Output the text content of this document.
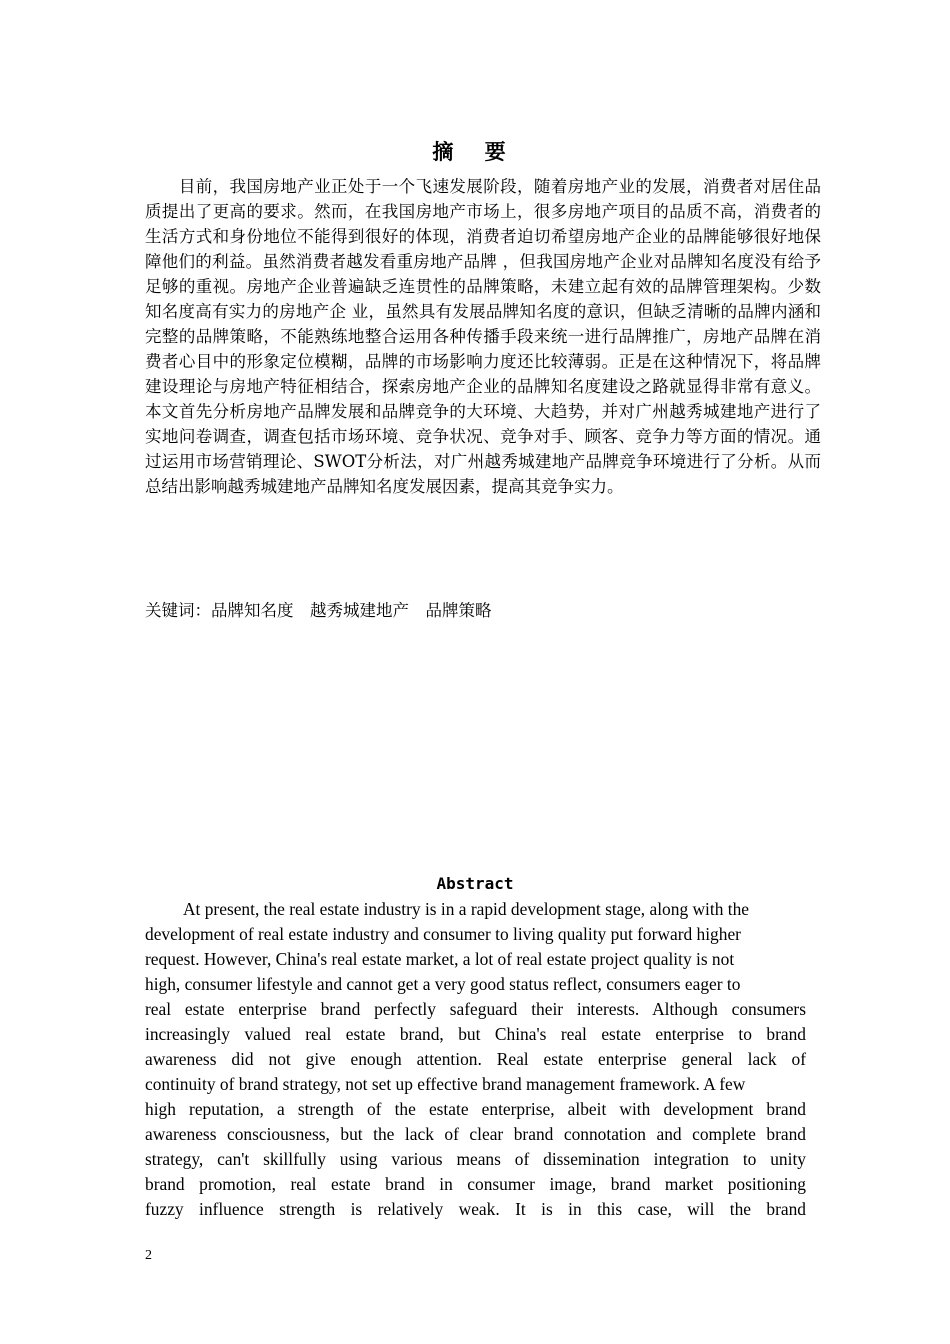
摘 要
　　目前，我国房地产业正处于一个飞速发展阶段，随着房地产业的发展，消费者对居住品质提出了更高的要求。然而，在我国房地产市场上，很多房地产项目的品质不高，消费者的生活方式和身份地位不能得到很好的体现，消费者迫切希望房地产企业的品牌能够很好地保障他们的利益。虽然消费者越发看重房地产品牌 ，但我国房地产企业对品牌知名度没有给予足够的重视。房地产企业普遍缺乏连贯性的品牌策略，未建立起有效的品牌管理架构。少数知名度高有实力的房地产企 业，虽然具有发展品牌知名度的意识，但缺乏清晰的品牌内涵和完整的品牌策略，不能熟练地整合运用各种传播手段来统一进行品牌推广，房地产品牌在消费者心目中的形象定位模糊，品牌的市场影响力度还比较薄弱。正是在这种情况下，将品牌建设理论与房地产特征相结合，探索房地产企业的品牌知名度建设之路就显得非常有意义。本文首先分析房地产品牌发展和品牌竞争的大环境、大趋势，并对广州越秀城建地产进行了实地问卷调查，调查包括市场环境、竞争状况、竞争对手、顾客、竞争力等方面的情况。通过运用市场营销理论、SWOT分析法，对广州越秀城建地产品牌竞争环境进行了分析。从而总结出影响越秀城建地产品牌知名度发展因素，提高其竞争实力。
关键词：品牌知名度　越秀城建地产　品牌策略
Abstract
At present, the real estate industry is in a rapid development stage, along with the
development of real estate industry and consumer to living quality put forward higher
request. However, China's real estate market, a lot of real estate project quality is not
high, consumer lifestyle and cannot get a very good status reflect, consumers eager to
real estate enterprise brand perfectly safeguard their interests. Although consumers
increasingly valued real estate brand, but China's real estate enterprise to brand
awareness did not give enough attention. Real estate enterprise general lack of
continuity of brand strategy, not set up effective brand management framework. A few
high reputation, a strength of the estate enterprise, albeit with development brand
awareness consciousness, but the lack of clear brand connotation and complete brand
strategy, can't skillfully using various means of dissemination integration to unity
brand promotion, real estate brand in consumer image, brand market positioning
fuzzy influence strength is relatively weak. It is in this case, will the brand
2
